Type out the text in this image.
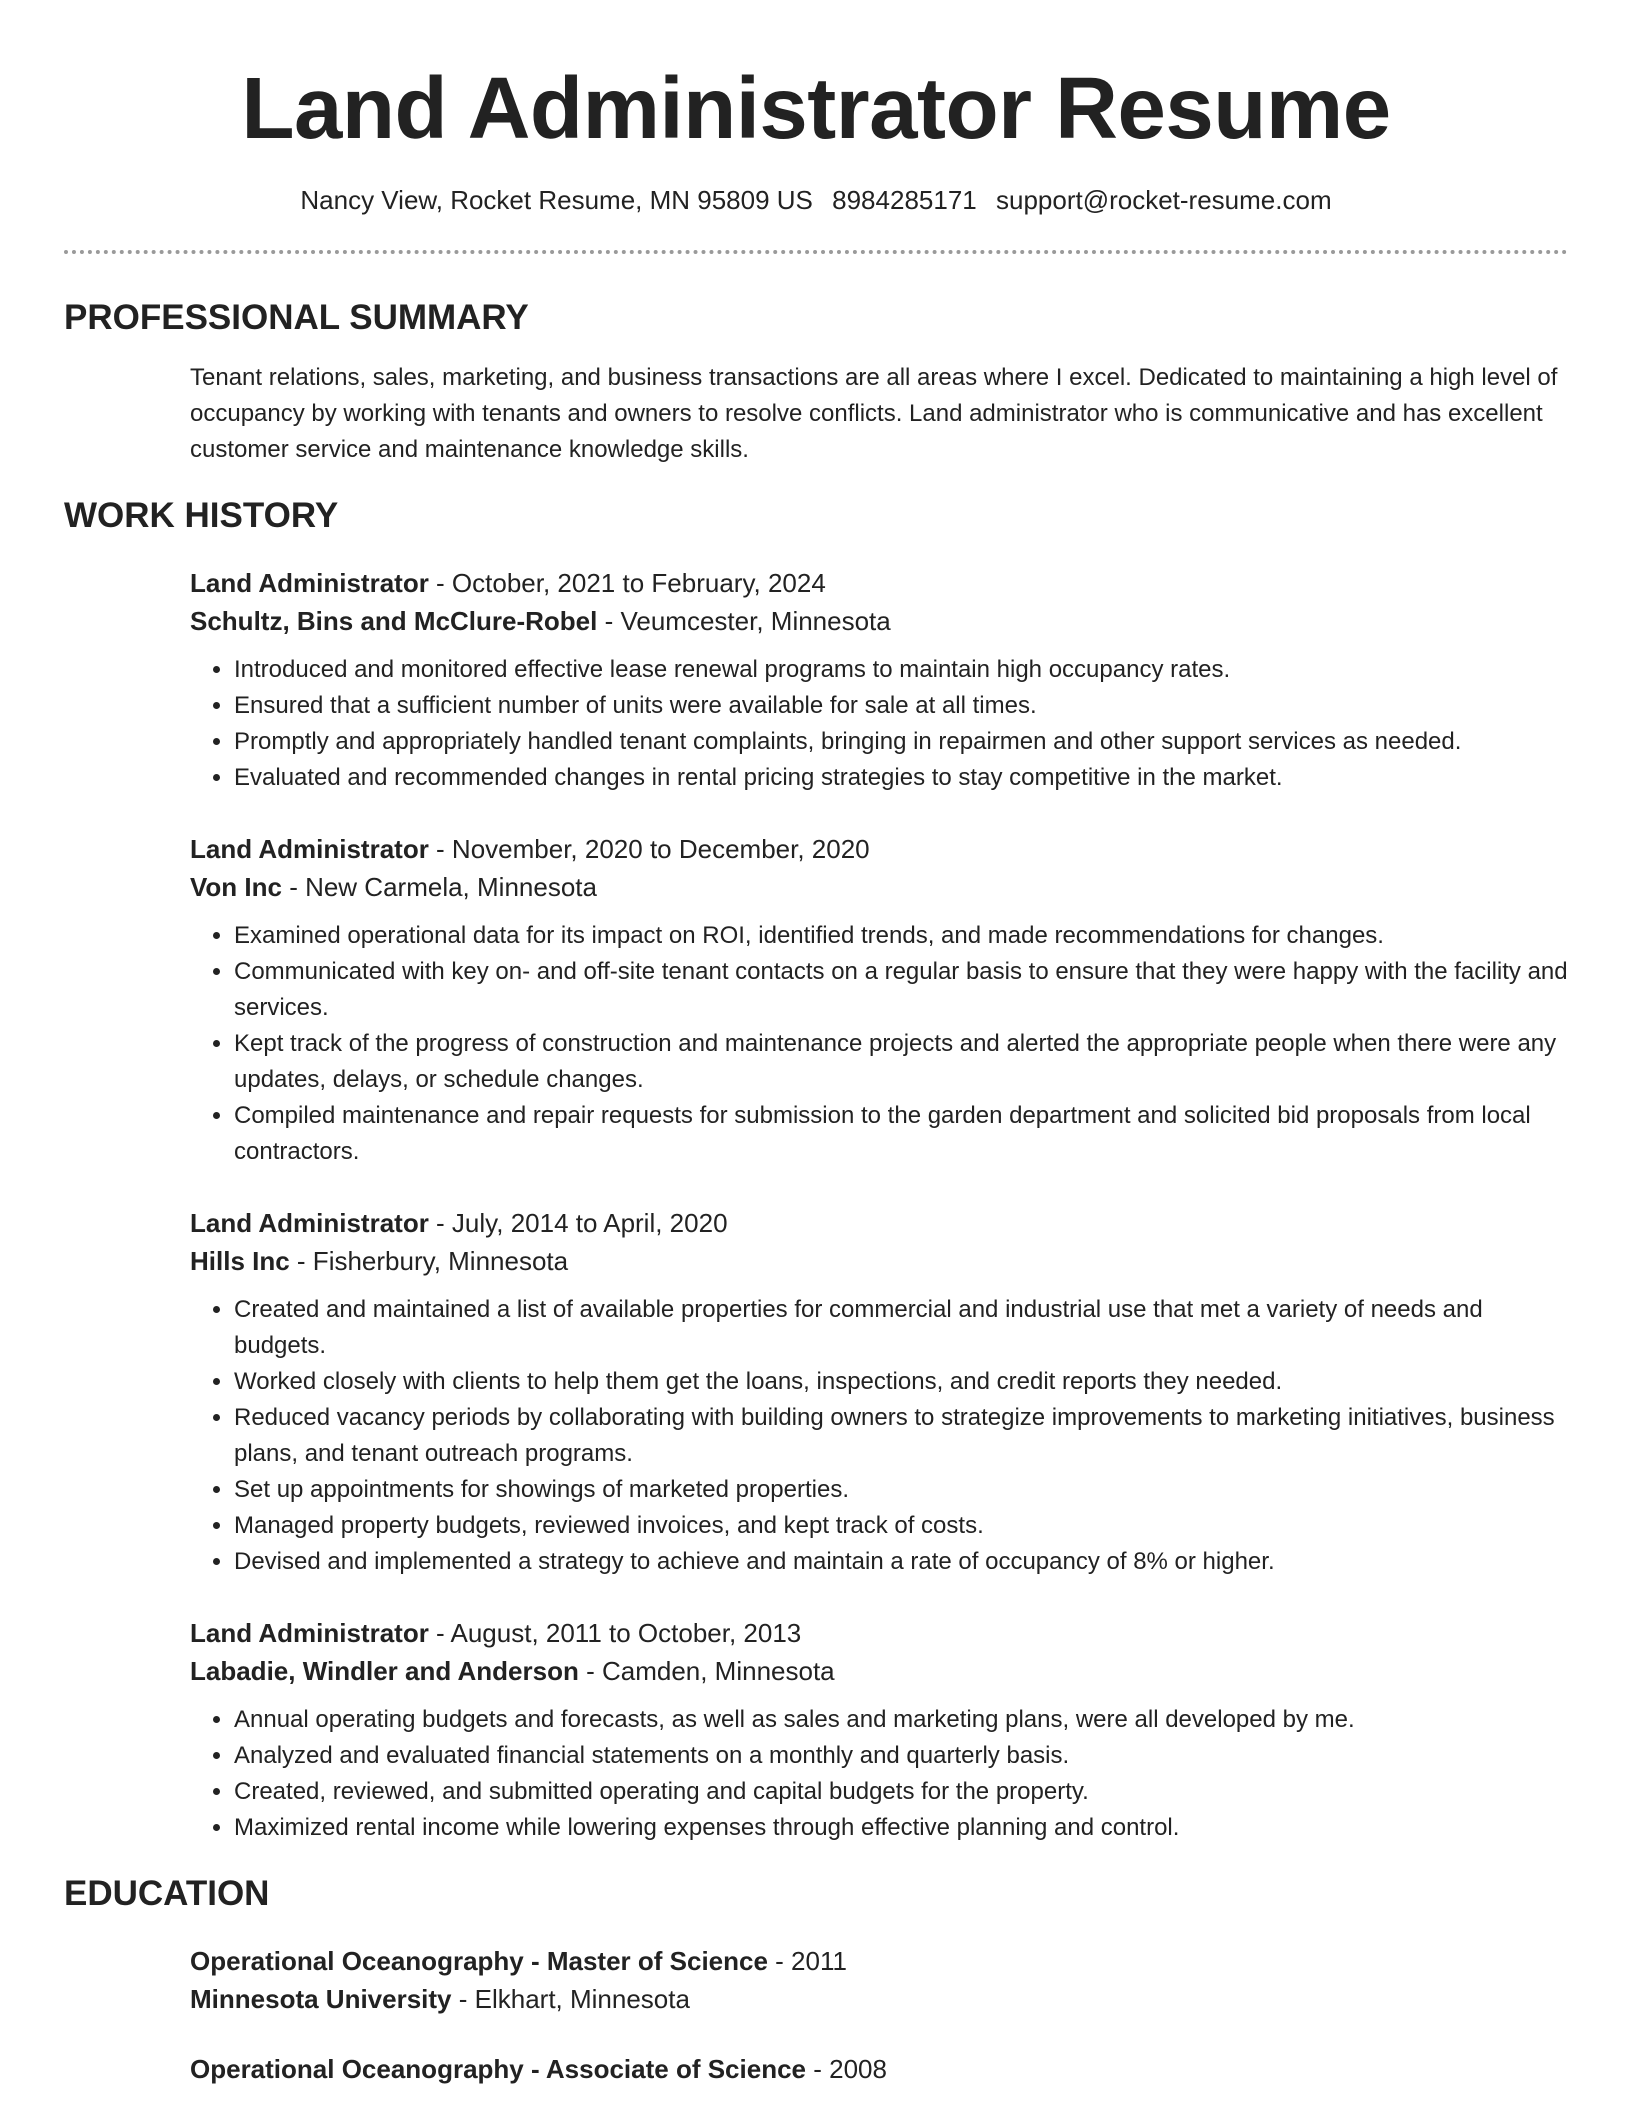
Land Administrator Resume
Nancy View, Rocket Resume, MN 95809 US 8984285171 support@rocket-resume.com
PROFESSIONAL SUMMARY

Tenant relations, sales, marketing, and business transactions are all areas where I excel. Dedicated to maintaining a high level of occupancy by working with tenants and owners to resolve conflicts. Land administrator who is communicative and has excellent customer service and maintenance knowledge skills.

WORK HISTORY
Land Administrator - October, 2021 to February, 2024
Schultz, Bins and McClure-Robel - Veumcester, Minnesota
• Introduced and monitored effective lease renewal programs to maintain high occupancy rates.
• Ensured that a sufficient number of units were available for sale at all times.
• Promptly and appropriately handled tenant complaints, bringing in repairmen and other support services as needed.
• Evaluated and recommended changes in rental pricing strategies to stay competitive in the market.
Land Administrator - November, 2020 to December, 2020
Von Inc - New Carmela, Minnesota
• Examined operational data for its impact on ROI, identified trends, and made recommendations for changes.
• Communicated with key on- and off-site tenant contacts on a regular basis to ensure that they were happy with the facility and services.
• Kept track of the progress of construction and maintenance projects and alerted the appropriate people when there were any updates, delays, or schedule changes.
• Compiled maintenance and repair requests for submission to the garden department and solicited bid proposals from local contractors.
Land Administrator - July, 2014 to April, 2020
Hills Inc - Fisherbury, Minnesota
• Created and maintained a list of available properties for commercial and industrial use that met a variety of needs and budgets.
• Worked closely with clients to help them get the loans, inspections, and credit reports they needed.
• Reduced vacancy periods by collaborating with building owners to strategize improvements to marketing initiatives, business plans, and tenant outreach programs.
• Set up appointments for showings of marketed properties.
• Managed property budgets, reviewed invoices, and kept track of costs.
• Devised and implemented a strategy to achieve and maintain a rate of occupancy of 8% or higher.
Land Administrator - August, 2011 to October, 2013
Labadie, Windler and Anderson - Camden, Minnesota
• Annual operating budgets and forecasts, as well as sales and marketing plans, were all developed by me.
• Analyzed and evaluated financial statements on a monthly and quarterly basis.
• Created, reviewed, and submitted operating and capital budgets for the property.
• Maximized rental income while lowering expenses through effective planning and control.
EDUCATION
Operational Oceanography - Master of Science - 2011
Minnesota University - Elkhart, Minnesota
Operational Oceanography - Associate of Science - 2008
